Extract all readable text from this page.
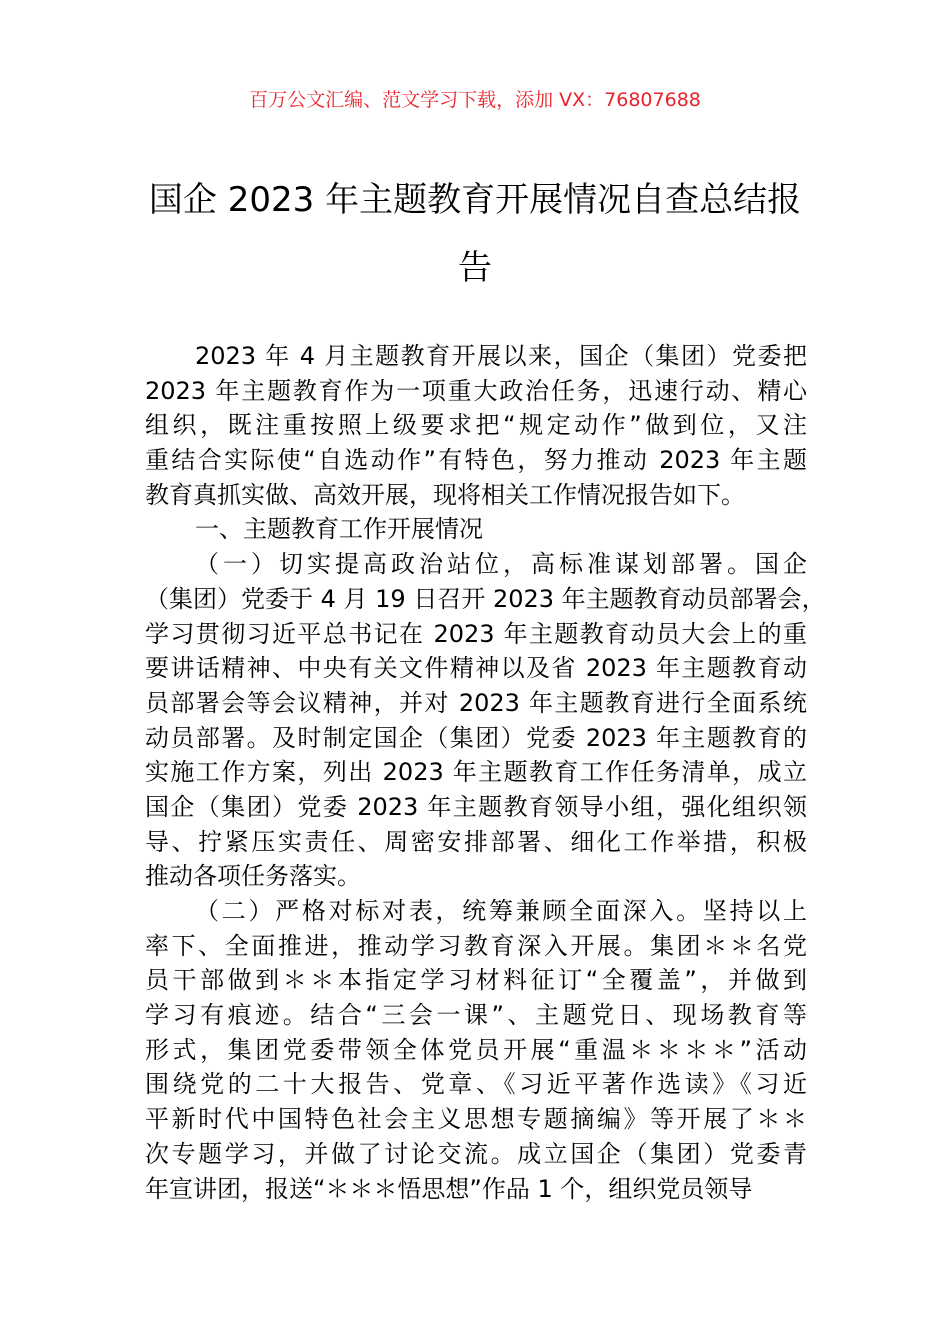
百万公文汇编、范文学习下载，添加 VX：76807688
国企 2023 年主题教育开展情况自查总结报
告
2023 年 4 月主题教育开展以来，国企（集团）党委把
2023 年主题教育作为一项重大政治任务，迅速行动、精心
组织，既注重按照上级要求把“规定动作”做到位，又注
重结合实际使“自选动作”有特色，努力推动 2023 年主题
教育真抓实做、高效开展，现将相关工作情况报告如下。
一、主题教育工作开展情况
（一）切实提高政治站位，高标准谋划部署。国企
（集团）党委于 4 月 19 日召开 2023 年主题教育动员部署会，
学习贯彻习近平总书记在 2023 年主题教育动员大会上的重
要讲话精神、中央有关文件精神以及省 2023 年主题教育动
员部署会等会议精神，并对 2023 年主题教育进行全面系统
动员部署。及时制定国企（集团）党委 2023 年主题教育的
实施工作方案，列出 2023 年主题教育工作任务清单，成立
国企（集团）党委 2023 年主题教育领导小组，强化组织领
导、拧紧压实责任、周密安排部署、细化工作举措，积极
推动各项任务落实。
（二）严格对标对表，统筹兼顾全面深入。坚持以上
率下、全面推进，推动学习教育深入开展。集团＊＊名党
员干部做到＊＊本指定学习材料征订“全覆盖”，并做到
学习有痕迹。结合“三会一课”、主题党日、现场教育等
形式，集团党委带领全体党员开展“重温＊＊＊＊”活动
围绕党的二十大报告、党章、《习近平著作选读》《习近
平新时代中国特色社会主义思想专题摘编》等开展了＊＊
次专题学习，并做了讨论交流。成立国企（集团）党委青
年宣讲团，报送“＊＊＊悟思想”作品 1 个，组织党员领导
